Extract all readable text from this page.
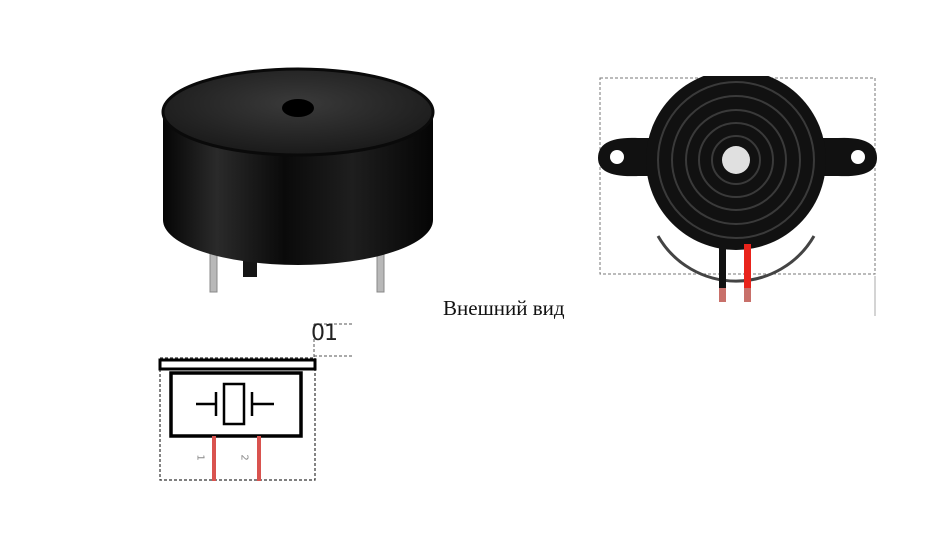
01
1	2
Внешний вид
